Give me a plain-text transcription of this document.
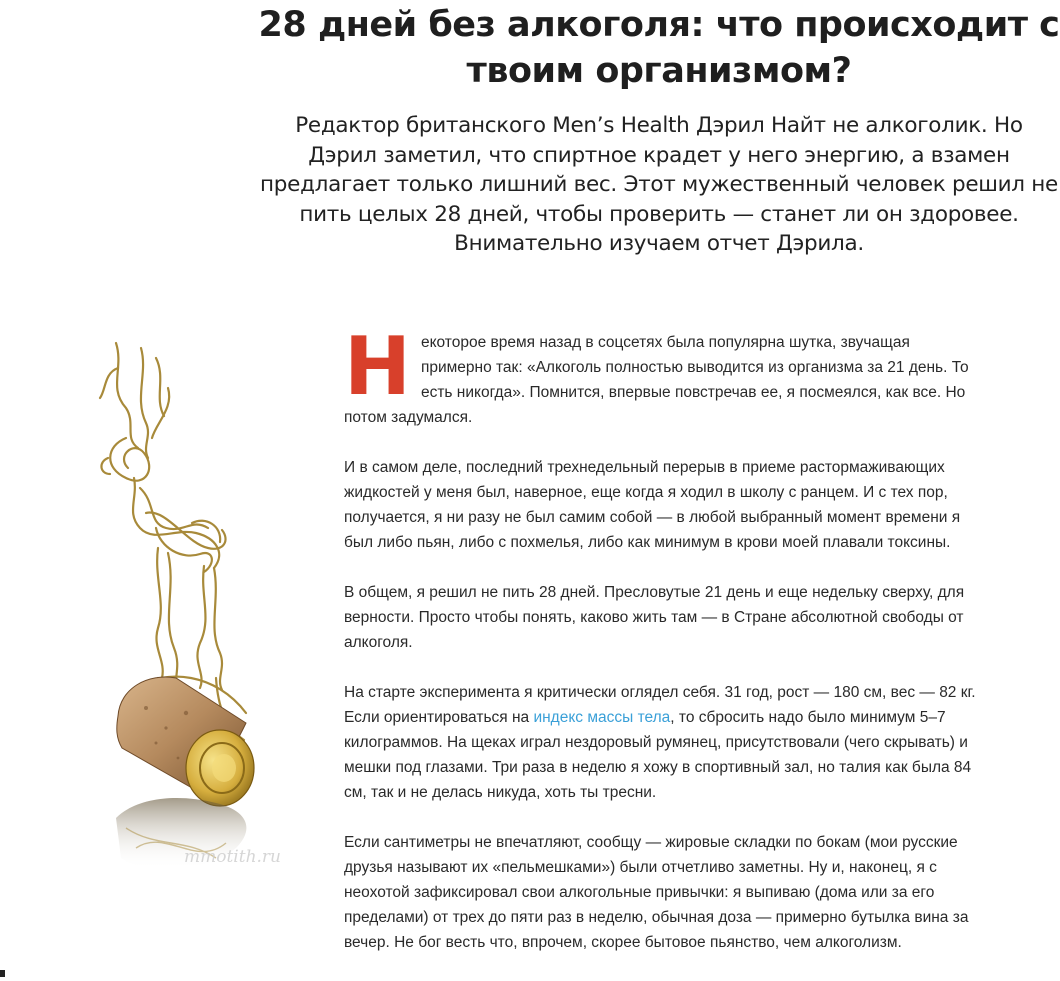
28 дней без алкоголя: что происходит с твоим организмом?

Редактор британского Men’s Health Дэрил Найт не алкоголик. Но Дэрил заметил, что спиртное крадет у него энергию, а взамен предлагает только лишний вес. Этот мужественный человек решил не пить целых 28 дней, чтобы проверить — станет ли он здоровее. Внимательно изучаем отчет Дэрила.

mmotith.ru

Некоторое время назад в соцсетях была популярна шутка, звучащая примерно так: «Алкоголь полностью выводится из организма за 21 день. То есть никогда». Помнится, впервые повстречав ее, я посмеялся, как все. Но потом задумался.

И в самом деле, последний трехнедельный перерыв в приеме растормаживающих жидкостей у меня был, наверное, еще когда я ходил в школу с ранцем. И с тех пор, получается, я ни разу не был самим собой — в любой выбранный момент времени я был либо пьян, либо с похмелья, либо как минимум в крови моей плавали токсины.

В общем, я решил не пить 28 дней. Пресловутые 21 день и еще недельку сверху, для верности. Просто чтобы понять, каково жить там — в Стране абсолютной свободы от алкоголя.

На старте эксперимента я критически оглядел себя. 31 год, рост — 180 см, вес — 82 кг. Если ориентироваться на индекс массы тела, то сбросить надо было минимум 5–7 килограммов. На щеках играл нездоровый румянец, присутствовали (чего скрывать) и мешки под глазами. Три раза в неделю я хожу в спортивный зал, но талия как была 84 см, так и не делась никуда, хоть ты тресни.

Если сантиметры не впечатляют, сообщу — жировые складки по бокам (мои русские друзья называют их «пельмешками») были отчетливо заметны. Ну и, наконец, я с неохотой зафиксировал свои алкогольные привычки: я выпиваю (дома или за его пределами) от трех до пяти раз в неделю, обычная доза — примерно бутылка вина за вечер. Не бог весть что, впрочем, скорее бытовое пьянство, чем алкоголизм.
